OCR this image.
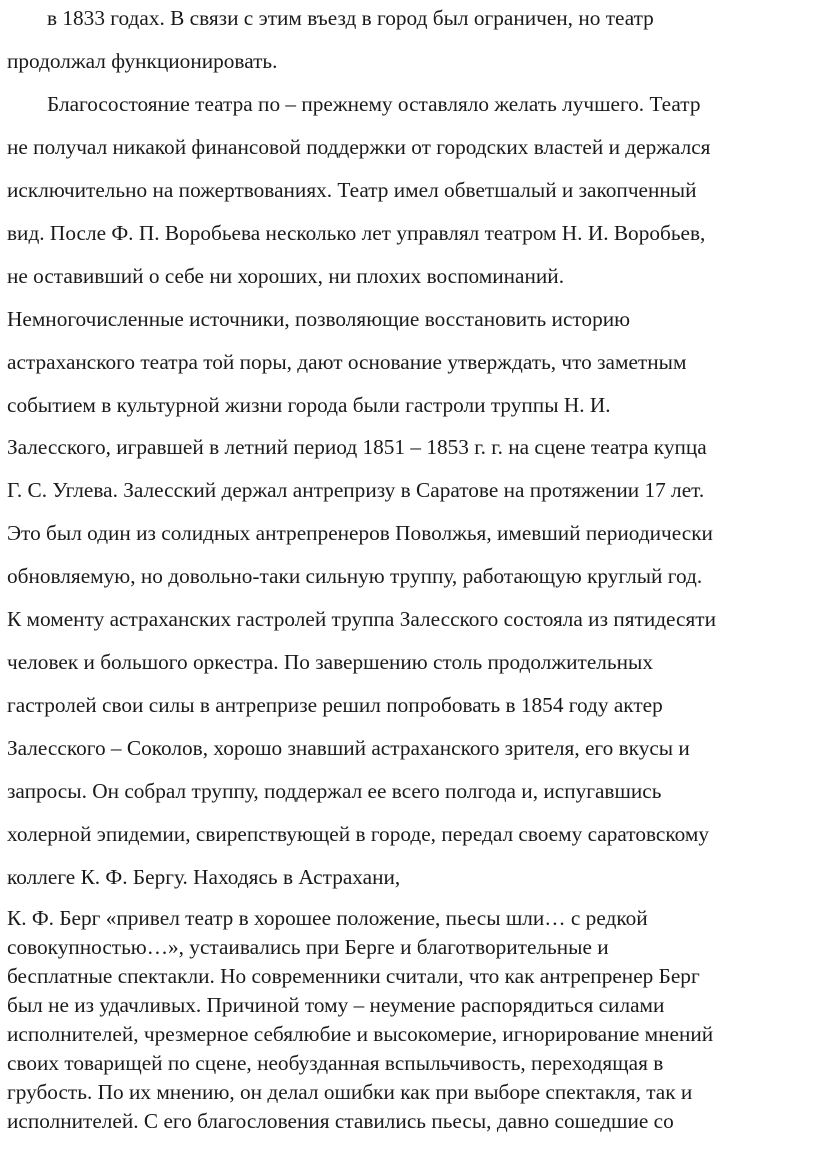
в 1833 годах. В связи с этим въезд в город был ограничен, но театр
продолжал функционировать.
Благосостояние театра по – прежнему оставляло желать лучшего. Театр
не получал никакой финансовой поддержки от городских властей и держался
исключительно на пожертвованиях. Театр имел обветшалый и закопченный
вид. После Ф. П. Воробьева несколько лет управлял театром Н. И. Воробьев,
не оставивший о себе ни хороших, ни плохих воспоминаний.
Немногочисленные источники, позволяющие восстановить историю
астраханского театра той поры, дают основание утверждать, что заметным
событием в культурной жизни города были гастроли труппы Н. И.
Залесского, игравшей в летний период 1851 – 1853 г. г. на сцене театра купца
Г. С. Углева. Залесский держал антрепризу в Саратове на протяжении 17 лет.
Это был один из солидных антрепренеров Поволжья, имевший периодически
обновляемую, но довольно-таки сильную труппу, работающую круглый год.
К моменту астраханских гастролей труппа Залесского состояла из пятидесяти
человек и большого оркестра. По завершению столь продолжительных
гастролей свои силы в антрепризе решил попробовать в 1854 году актер
Залесского – Соколов, хорошо знавший астраханского зрителя, его вкусы и
запросы. Он собрал труппу, поддержал ее всего полгода и, испугавшись
холерной эпидемии, свирепствующей в городе, передал своему саратовскому
коллеге К. Ф. Бергу. Находясь в Астрахани,
К. Ф. Берг «привел театр в хорошее положение, пьесы шли… с редкой
совокупностью…», устаивались при Берге и благотворительные и
бесплатные спектакли. Но современники считали, что как антрепренер Берг
был не из удачливых. Причиной тому – неумение распорядиться силами
исполнителей, чрезмерное себялюбие и высокомерие, игнорирование мнений
своих товарищей по сцене, необузданная вспыльчивость, переходящая в
грубость. По их мнению, он делал ошибки как при выборе спектакля, так и
исполнителей. С его благословения ставились пьесы, давно сошедшие со
